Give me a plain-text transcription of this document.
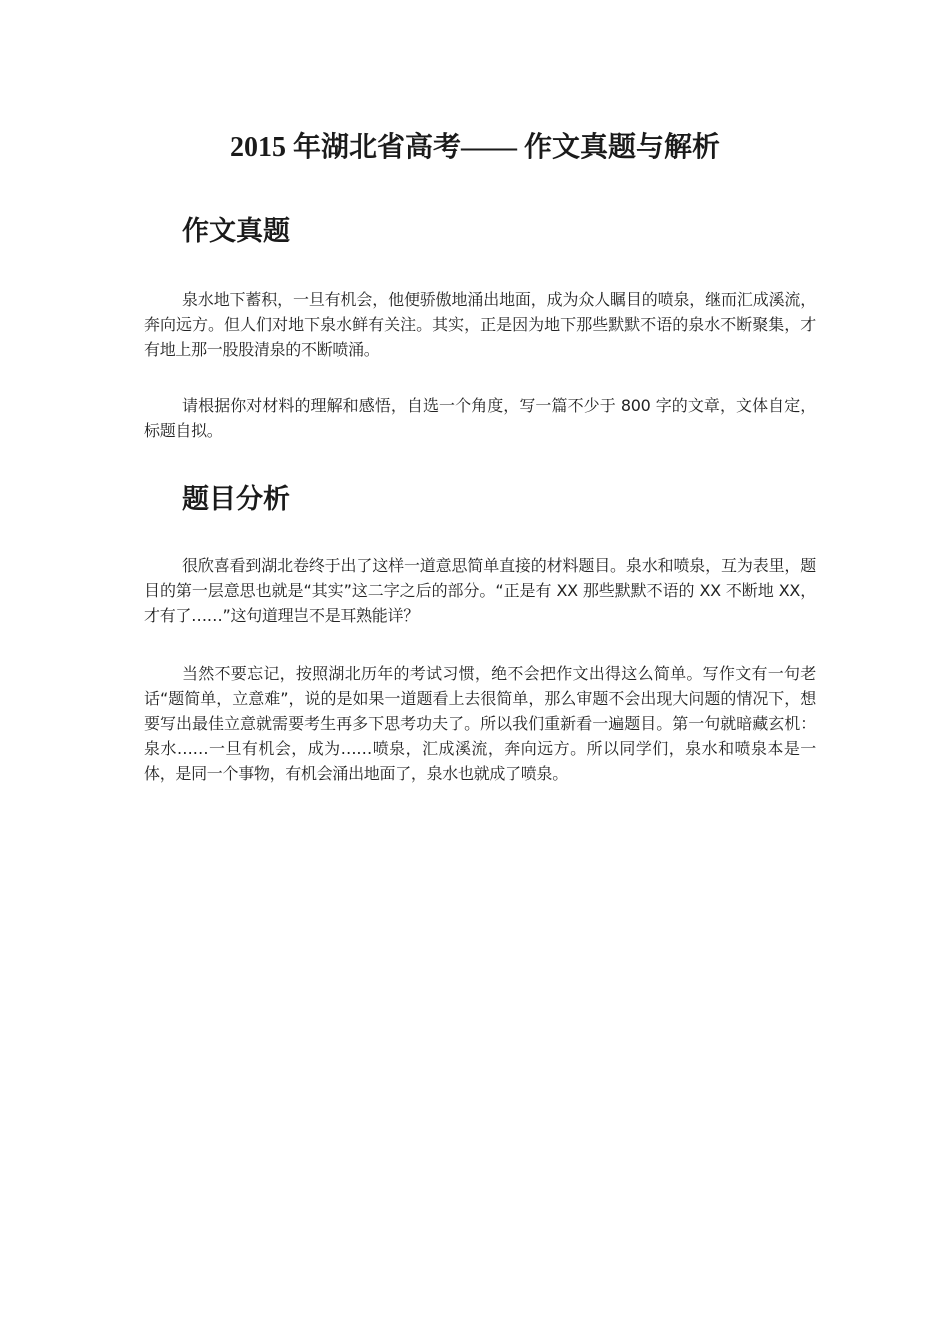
2015 年湖北省高考—— 作文真题与解析
作文真题

泉水地下蓄积，一旦有机会，他便骄傲地涌出地面，成为众人瞩目的喷泉，继而汇成溪流，奔向远方。但人们对地下泉水鲜有关注。其实，正是因为地下那些默默不语的泉水不断聚集，才有地上那一股股清泉的不断喷涌。

请根据你对材料的理解和感悟，自选一个角度，写一篇不少于 800 字的文章，文体自定，标题自拟。

题目分析

很欣喜看到湖北卷终于出了这样一道意思简单直接的材料题目。泉水和喷泉，互为表里，题目的第一层意思也就是“其实”这二字之后的部分。“正是有 XX 那些默默不语的 XX 不断地 XX，才有了……”这句道理岂不是耳熟能详？

当然不要忘记，按照湖北历年的考试习惯，绝不会把作文出得这么简单。写作文有一句老话“题简单，立意难”，说的是如果一道题看上去很简单，那么审题不会出现大问题的情况下，想要写出最佳立意就需要考生再多下思考功夫了。所以我们重新看一遍题目。第一句就暗藏玄机：泉水……一旦有机会，成为……喷泉，汇成溪流，奔向远方。所以同学们，泉水和喷泉本是一体，是同一个事物，有机会涌出地面了，泉水也就成了喷泉。
